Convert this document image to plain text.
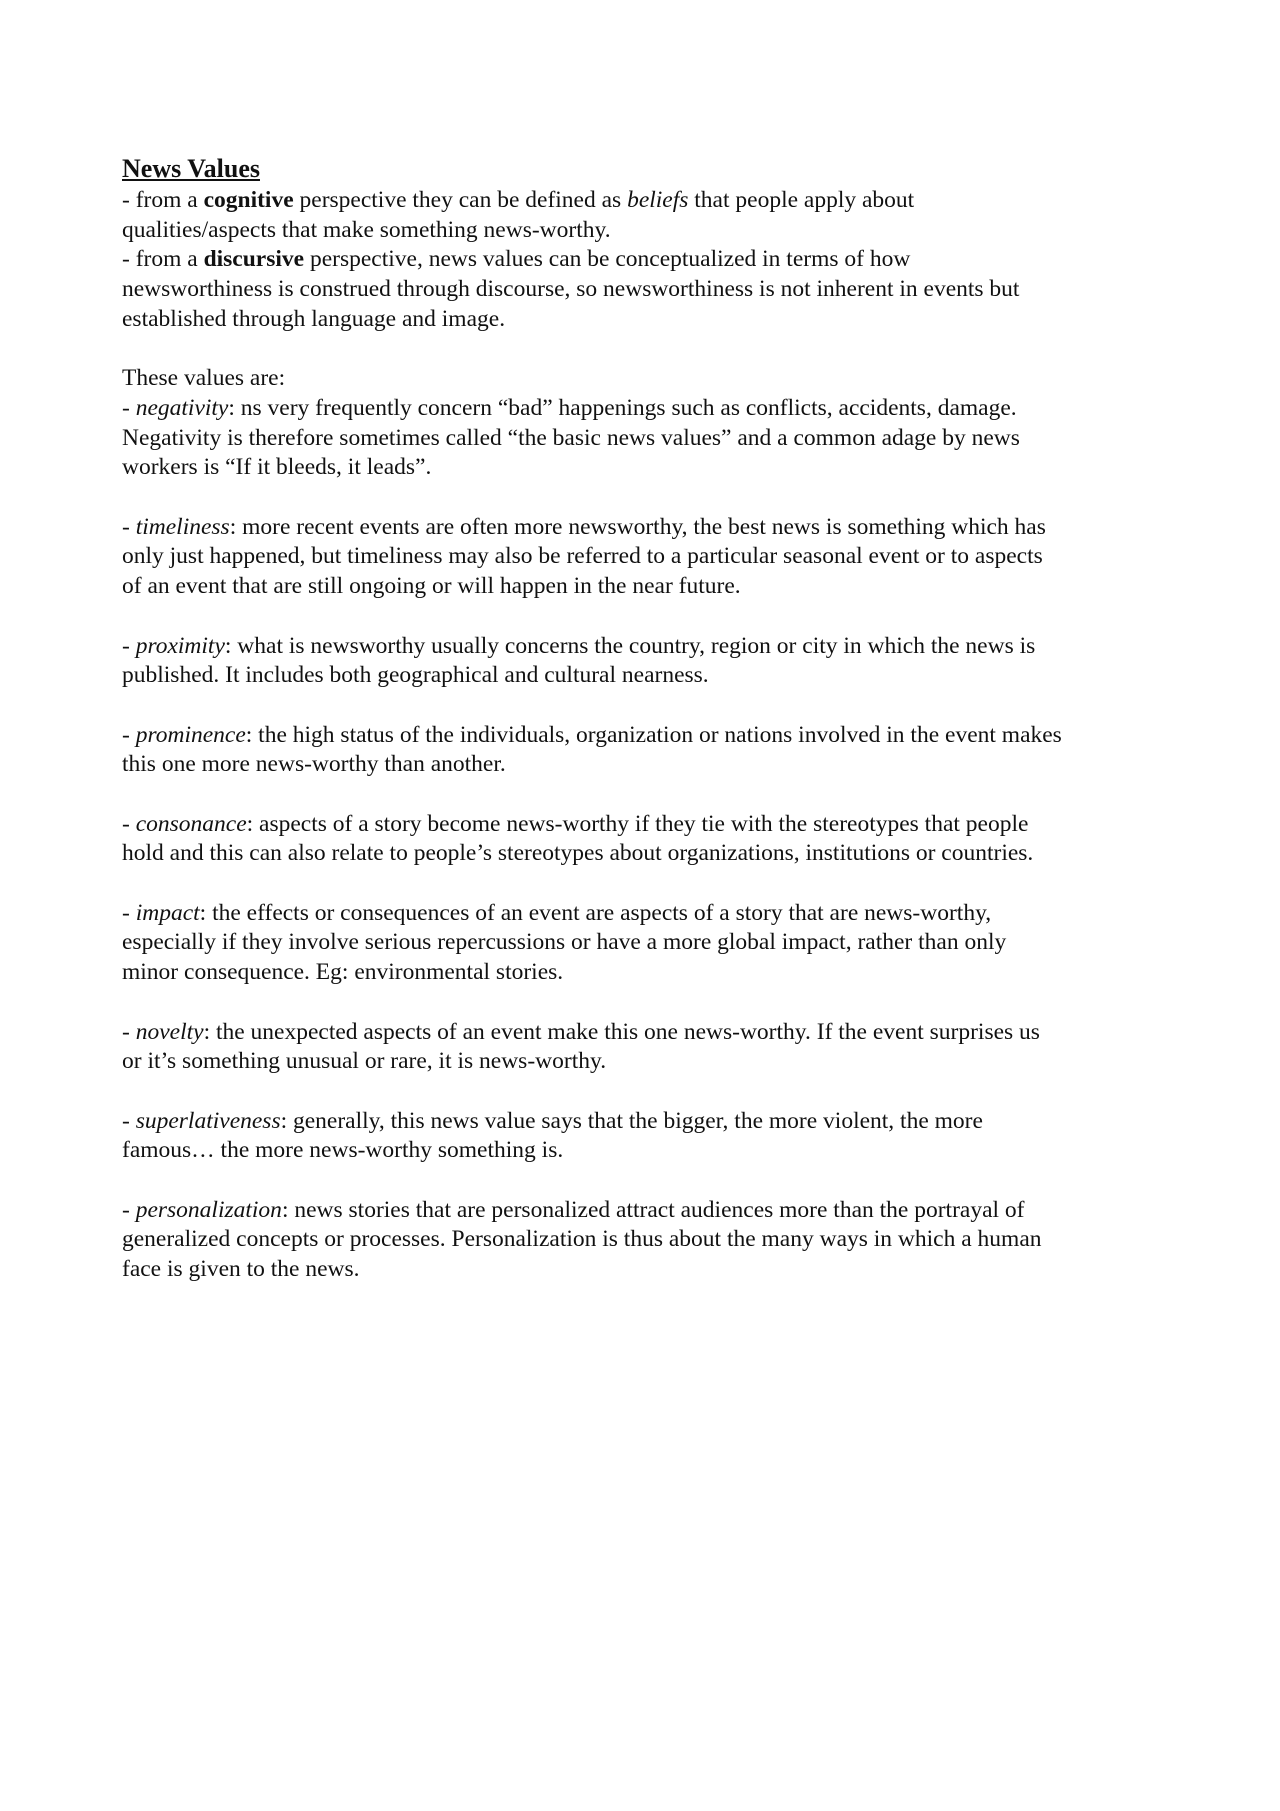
News Values

- from a cognitive perspective they can be defined as beliefs that people apply about

qualities/aspects that make something news-worthy.

- from a discursive perspective, news values can be conceptualized in terms of how

newsworthiness is construed through discourse, so newsworthiness is not inherent in events but

established through language and image.

These values are:

- negativity: ns very frequently concern “bad” happenings such as conflicts, accidents, damage.

Negativity is therefore sometimes called “the basic news values” and a common adage by news

workers is “If it bleeds, it leads”.

- timeliness: more recent events are often more newsworthy, the best news is something which has

only just happened, but timeliness may also be referred to a particular seasonal event or to aspects

of an event that are still ongoing or will happen in the near future.

- proximity: what is newsworthy usually concerns the country, region or city in which the news is

published. It includes both geographical and cultural nearness.

- prominence: the high status of the individuals, organization or nations involved in the event makes

this one more news-worthy than another.

- consonance: aspects of a story become news-worthy if they tie with the stereotypes that people

hold and this can also relate to people’s stereotypes about organizations, institutions or countries.

- impact: the effects or consequences of an event are aspects of a story that are news-worthy,

especially if they involve serious repercussions or have a more global impact, rather than only

minor consequence. Eg: environmental stories.

- novelty: the unexpected aspects of an event make this one news-worthy. If the event surprises us

or it’s something unusual or rare, it is news-worthy.

- superlativeness: generally, this news value says that the bigger, the more violent, the more

famous… the more news-worthy something is.

- personalization: news stories that are personalized attract audiences more than the portrayal of

generalized concepts or processes. Personalization is thus about the many ways in which a human

face is given to the news.
